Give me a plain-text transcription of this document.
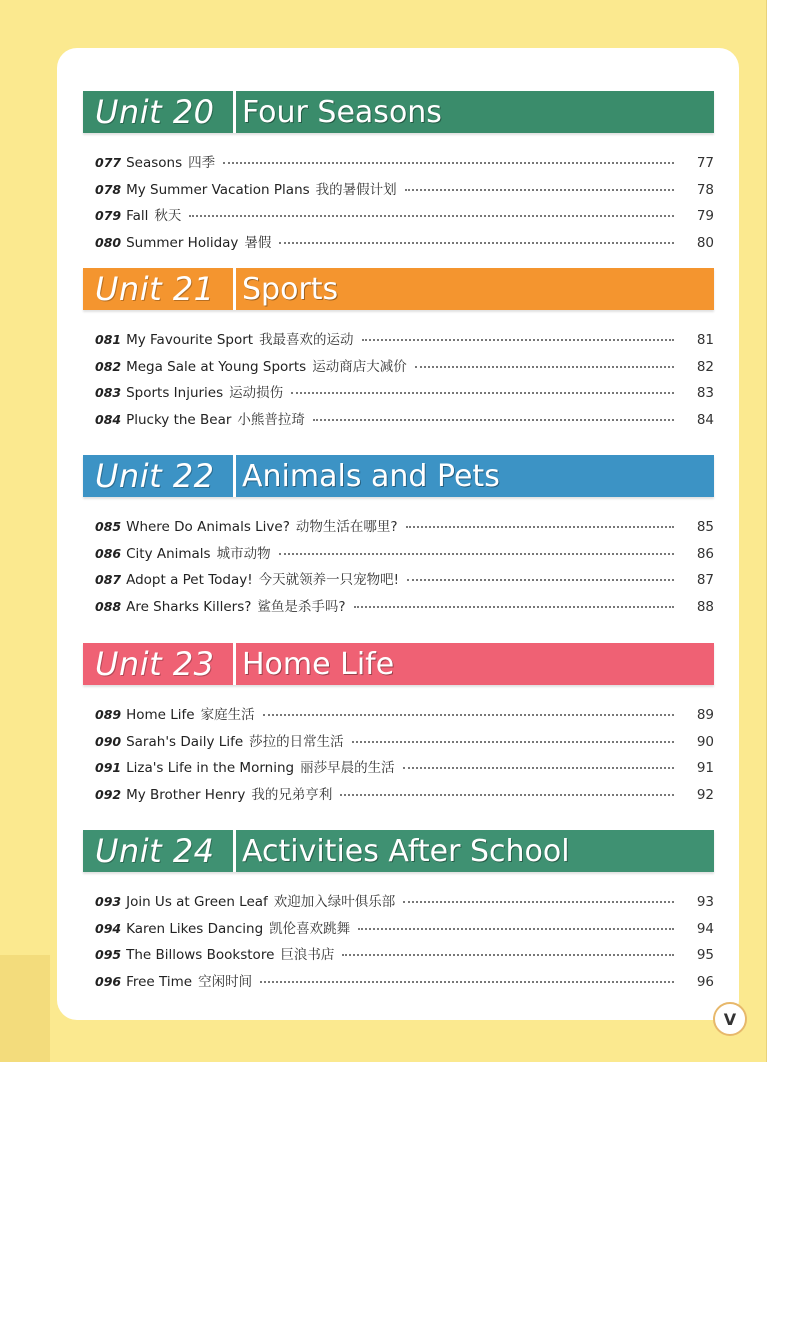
Unit 20 Four Seasons
077 Seasons 四季	77
078 My Summer Vacation Plans 我的暑假计划	78
079 Fall 秋天	79
080 Summer Holiday 暑假	80
Unit 21 Sports
081 My Favourite Sport 我最喜欢的运动	81
082 Mega Sale at Young Sports 运动商店大减价	82
083 Sports Injuries 运动损伤	83
084 Plucky the Bear 小熊普拉琦	84
Unit 22 Animals and Pets
085 Where Do Animals Live? 动物生活在哪里?	85
086 City Animals 城市动物	86
087 Adopt a Pet Today! 今天就领养一只宠物吧!	87
088 Are Sharks Killers? 鲨鱼是杀手吗?	88
Unit 23 Home Life
089 Home Life 家庭生活	89
090 Sarah's Daily Life 莎拉的日常生活	90
091 Liza's Life in the Morning 丽莎早晨的生活	91
092 My Brother Henry 我的兄弟亨利	92
Unit 24 Activities After School
093 Join Us at Green Leaf 欢迎加入绿叶俱乐部	93
094 Karen Likes Dancing 凯伦喜欢跳舞	94
095 The Billows Bookstore 巨浪书店	95
096 Free Time 空闲时间	96
V
